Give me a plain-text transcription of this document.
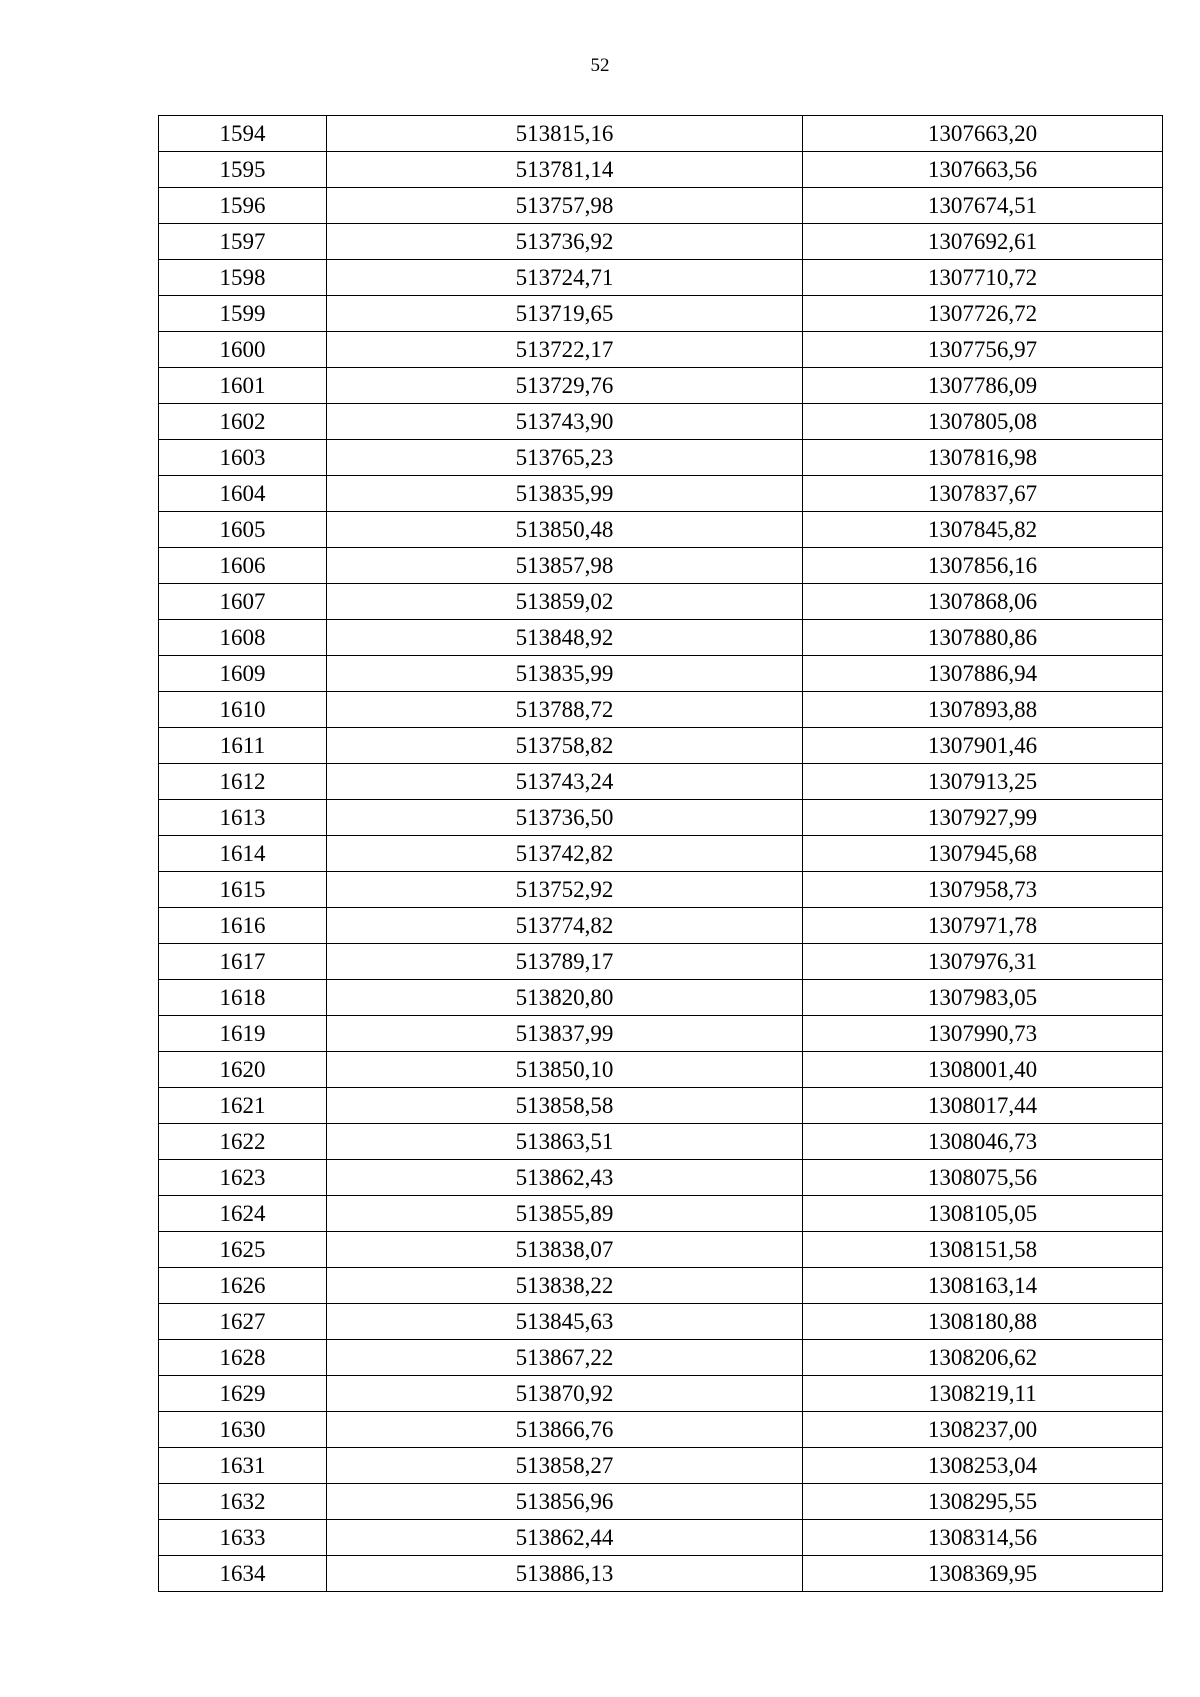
52
1594	513815,16	1307663,20
1595	513781,14	1307663,56
1596	513757,98	1307674,51
1597	513736,92	1307692,61
1598	513724,71	1307710,72
1599	513719,65	1307726,72
1600	513722,17	1307756,97
1601	513729,76	1307786,09
1602	513743,90	1307805,08
1603	513765,23	1307816,98
1604	513835,99	1307837,67
1605	513850,48	1307845,82
1606	513857,98	1307856,16
1607	513859,02	1307868,06
1608	513848,92	1307880,86
1609	513835,99	1307886,94
1610	513788,72	1307893,88
1611	513758,82	1307901,46
1612	513743,24	1307913,25
1613	513736,50	1307927,99
1614	513742,82	1307945,68
1615	513752,92	1307958,73
1616	513774,82	1307971,78
1617	513789,17	1307976,31
1618	513820,80	1307983,05
1619	513837,99	1307990,73
1620	513850,10	1308001,40
1621	513858,58	1308017,44
1622	513863,51	1308046,73
1623	513862,43	1308075,56
1624	513855,89	1308105,05
1625	513838,07	1308151,58
1626	513838,22	1308163,14
1627	513845,63	1308180,88
1628	513867,22	1308206,62
1629	513870,92	1308219,11
1630	513866,76	1308237,00
1631	513858,27	1308253,04
1632	513856,96	1308295,55
1633	513862,44	1308314,56
1634	513886,13	1308369,95
